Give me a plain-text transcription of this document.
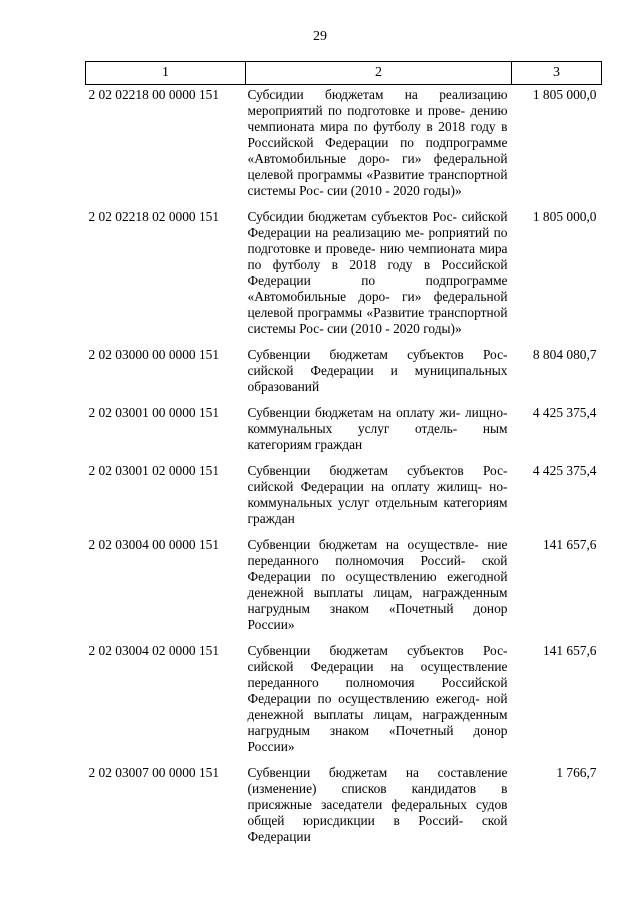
29
1	2	3
2 02 02218 00 0000 151	Субсидии бюджетам на реализацию мероприятий по подготовке и прове- дению чемпионата мира по футболу в 2018 году в Российской Федерации по подпрограмме «Автомобильные доро- ги» федеральной целевой программы «Развитие транспортной системы Рос- сии (2010 - 2020 годы)»	1 805 000,0
2 02 02218 02 0000 151	Субсидии бюджетам субъектов Рос- сийской Федерации на реализацию ме- роприятий по подготовке и проведе- нию чемпионата мира по футболу в 2018 году в Российской Федерации по подпрограмме «Автомобильные доро- ги» федеральной целевой программы «Развитие транспортной системы Рос- сии (2010 - 2020 годы)»	1 805 000,0
2 02 03000 00 0000 151	Субвенции бюджетам субъектов Рос- сийской Федерации и муниципальных образований	8 804 080,7
2 02 03001 00 0000 151	Субвенции бюджетам на оплату жи- лищно-коммунальных услуг отдель- ным категориям граждан	4 425 375,4
2 02 03001 02 0000 151	Субвенции бюджетам субъектов Рос- сийской Федерации на оплату жилищ- но-коммунальных услуг отдельным категориям граждан	4 425 375,4
2 02 03004 00 0000 151	Субвенции бюджетам на осуществле- ние переданного полномочия Россий- ской Федерации по осуществлению ежегодной денежной выплаты лицам, награжденным нагрудным знаком «Почетный донор России»	141 657,6
2 02 03004 02 0000 151	Субвенции бюджетам субъектов Рос- сийской Федерации на осуществление переданного полномочия Российской Федерации по осуществлению ежегод- ной денежной выплаты лицам, награжденным нагрудным знаком «Почетный донор России»	141 657,6
2 02 03007 00 0000 151	Субвенции бюджетам на составление (изменение) списков кандидатов в присяжные заседатели федеральных судов общей юрисдикции в Россий- ской Федерации	1 766,7
